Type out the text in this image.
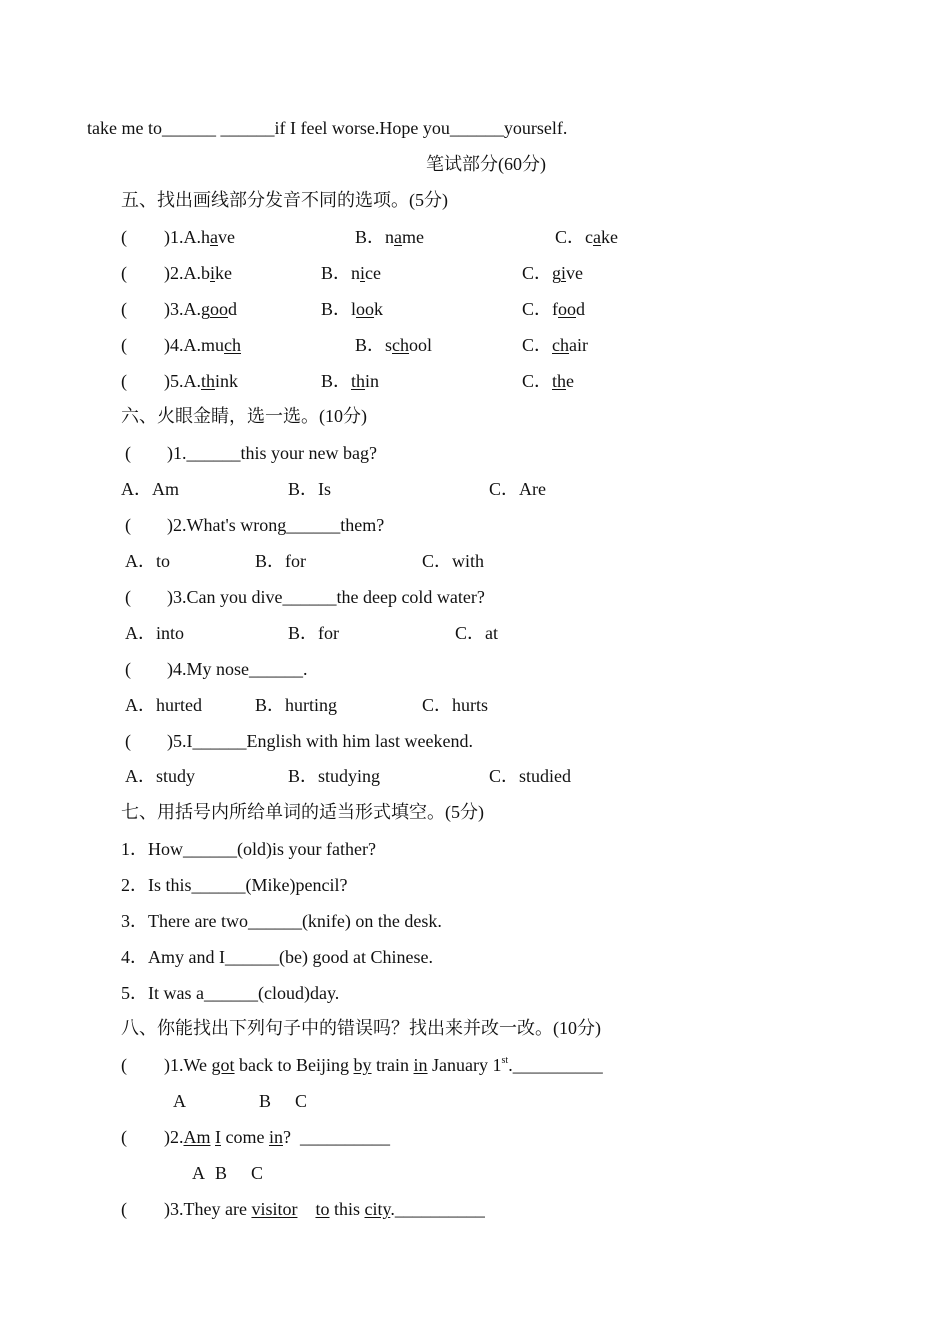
take me to______ ______if I feel worse.Hope you______yourself.
笔试部分(60分)
五、找出画线部分发音不同的选项。(5分)
( )1.A.have	B．name	C．cake
( )2.A.bike	B．nice	C．give
( )3.A.good	B．look	C．food
( )4.A.much	B．school	C．chair
( )5.A.think	B．thin	C．the
六、火眼金睛，选一选。(10分)
(        )1.______this your new bag?
A．Am	B．Is	C．Are
(        )2.What's wrong______them?
A．to	B．for	C．with
(        )3.Can you dive______the deep cold water?
A．into	B．for	C．at
(        )4.My nose______.
A．hurted	B．hurting	C．hurts
(        )5.I______English with him last weekend.
A．study	B．studying	C．studied
七、用括号内所给单词的适当形式填空。(5分)
1．How______(old)is your father?
2．Is this______(Mike)pencil?
3．There are two______(knife) on the desk.
4．Amy and I______(be) good at Chinese.
5．It was a______(cloud)day.
八、你能找出下列句子中的错误吗？找出来并改一改。(10分)
( )1.We got back to Beijing by train in January 1st.__________
A	B C
( )2.Am I come in?  __________
A B C
( )3.They are visitor to this city.__________
